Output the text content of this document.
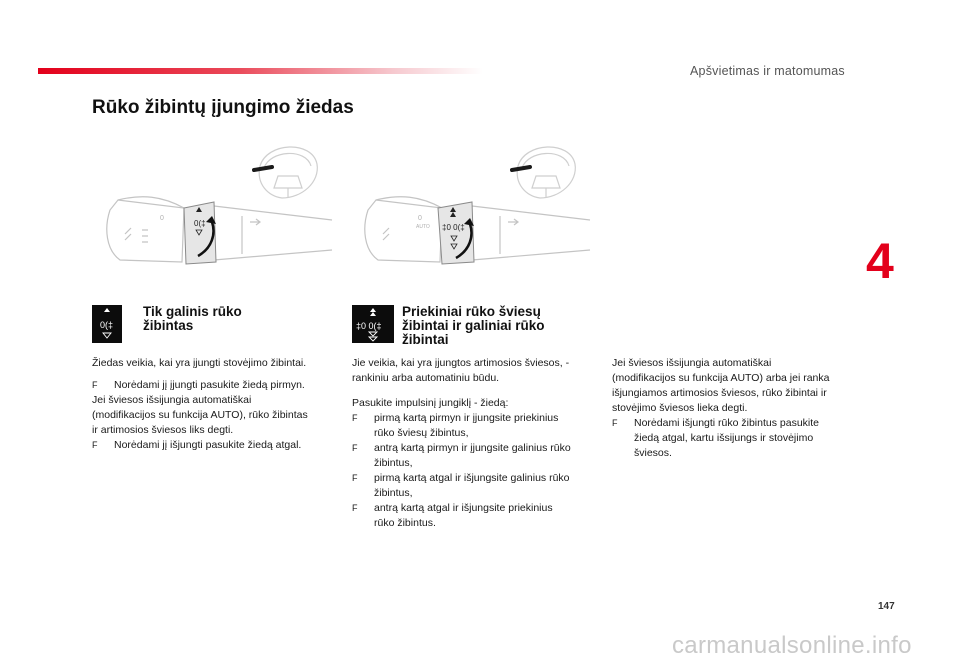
Apšvietimas ir matomumas
Rūko žibintų įjungimo žiedas
4
0
0(‡
0
AUTO ‡0 0(‡
0(‡
Tik galinis rūko
žibintas
Žiedas veikia, kai yra įjungti stovėjimo žibintai.
F Norėdami jį įjungti pasukite žiedą pirmyn.
Jei šviesos išsijungia automatiškai
(modifikacijos su funkcija AUTO), rūko žibintas
ir artimosios šviesos liks degti.
F Norėdami jį išjungti pasukite žiedą atgal.
‡0 0(‡
Priekiniai rūko šviesų
žibintai ir galiniai rūko
žibintai
Jie veikia, kai yra įjungtos artimosios šviesos, -
rankiniu arba automatiniu būdu.
Pasukite impulsinį jungiklį - žiedą:
F pirmą kartą pirmyn ir įjungsite priekinius
rūko šviesų žibintus,
F antrą kartą pirmyn ir įjungsite galinius rūko
žibintus,
F pirmą kartą atgal ir išjungsite galinius rūko
žibintus,
F antrą kartą atgal ir išjungsite priekinius
rūko žibintus.
Jei šviesos išsijungia automatiškai
(modifikacijos su funkcija AUTO) arba jei ranka
išjungiamos artimosios šviesos, rūko žibintai ir
stovėjimo šviesos lieka degti.
F Norėdami išjungti rūko žibintus pasukite
žiedą atgal, kartu išsijungs ir stovėjimo
šviesos.
147
carmanualsonline.info
